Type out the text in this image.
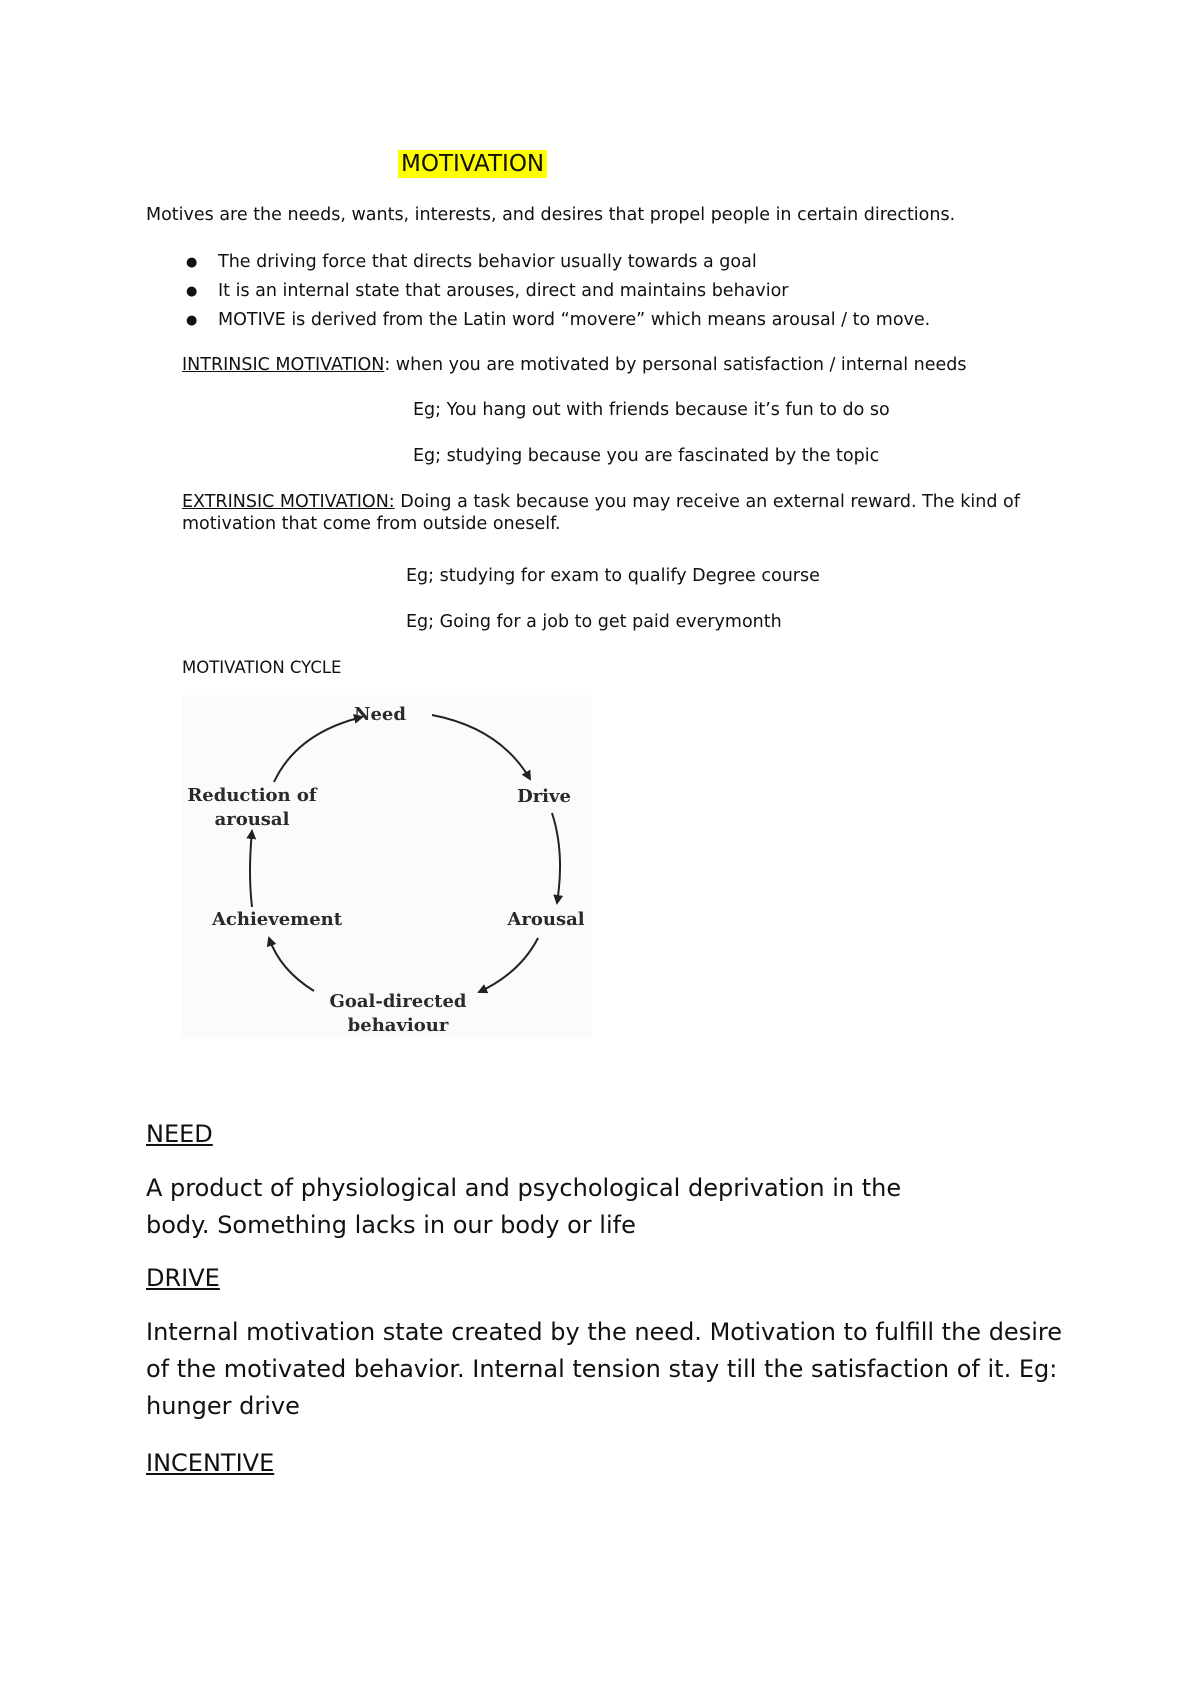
MOTIVATION
Motives are the needs, wants, interests, and desires that propel people in certain directions.
● The driving force that directs behavior usually towards a goal
● It is an internal state that arouses, direct and maintains behavior
● MOTIVE is derived from the Latin word “movere” which means arousal / to move.
INTRINSIC MOTIVATION: when you are motivated by personal satisfaction / internal needs
Eg; You hang out with friends because it’s fun to do so
Eg; studying because you are fascinated by the topic
EXTRINSIC MOTIVATION: Doing a task because you may receive an external reward. The kind of motivation that come from outside oneself.
Eg; studying for exam to qualify Degree course
Eg; Going for a job to get paid everymonth
MOTIVATION CYCLE
Need
Drive
Arousal
Goal-directed
behaviour
Achievement
Reduction of
arousal
NEED
A product of physiological and psychological deprivation in the body. Something lacks in our body or life
DRIVE
Internal motivation state created by the need. Motivation to fulfill the desire of the motivated behavior. Internal tension stay till the satisfaction of it. Eg: hunger drive
INCENTIVE
